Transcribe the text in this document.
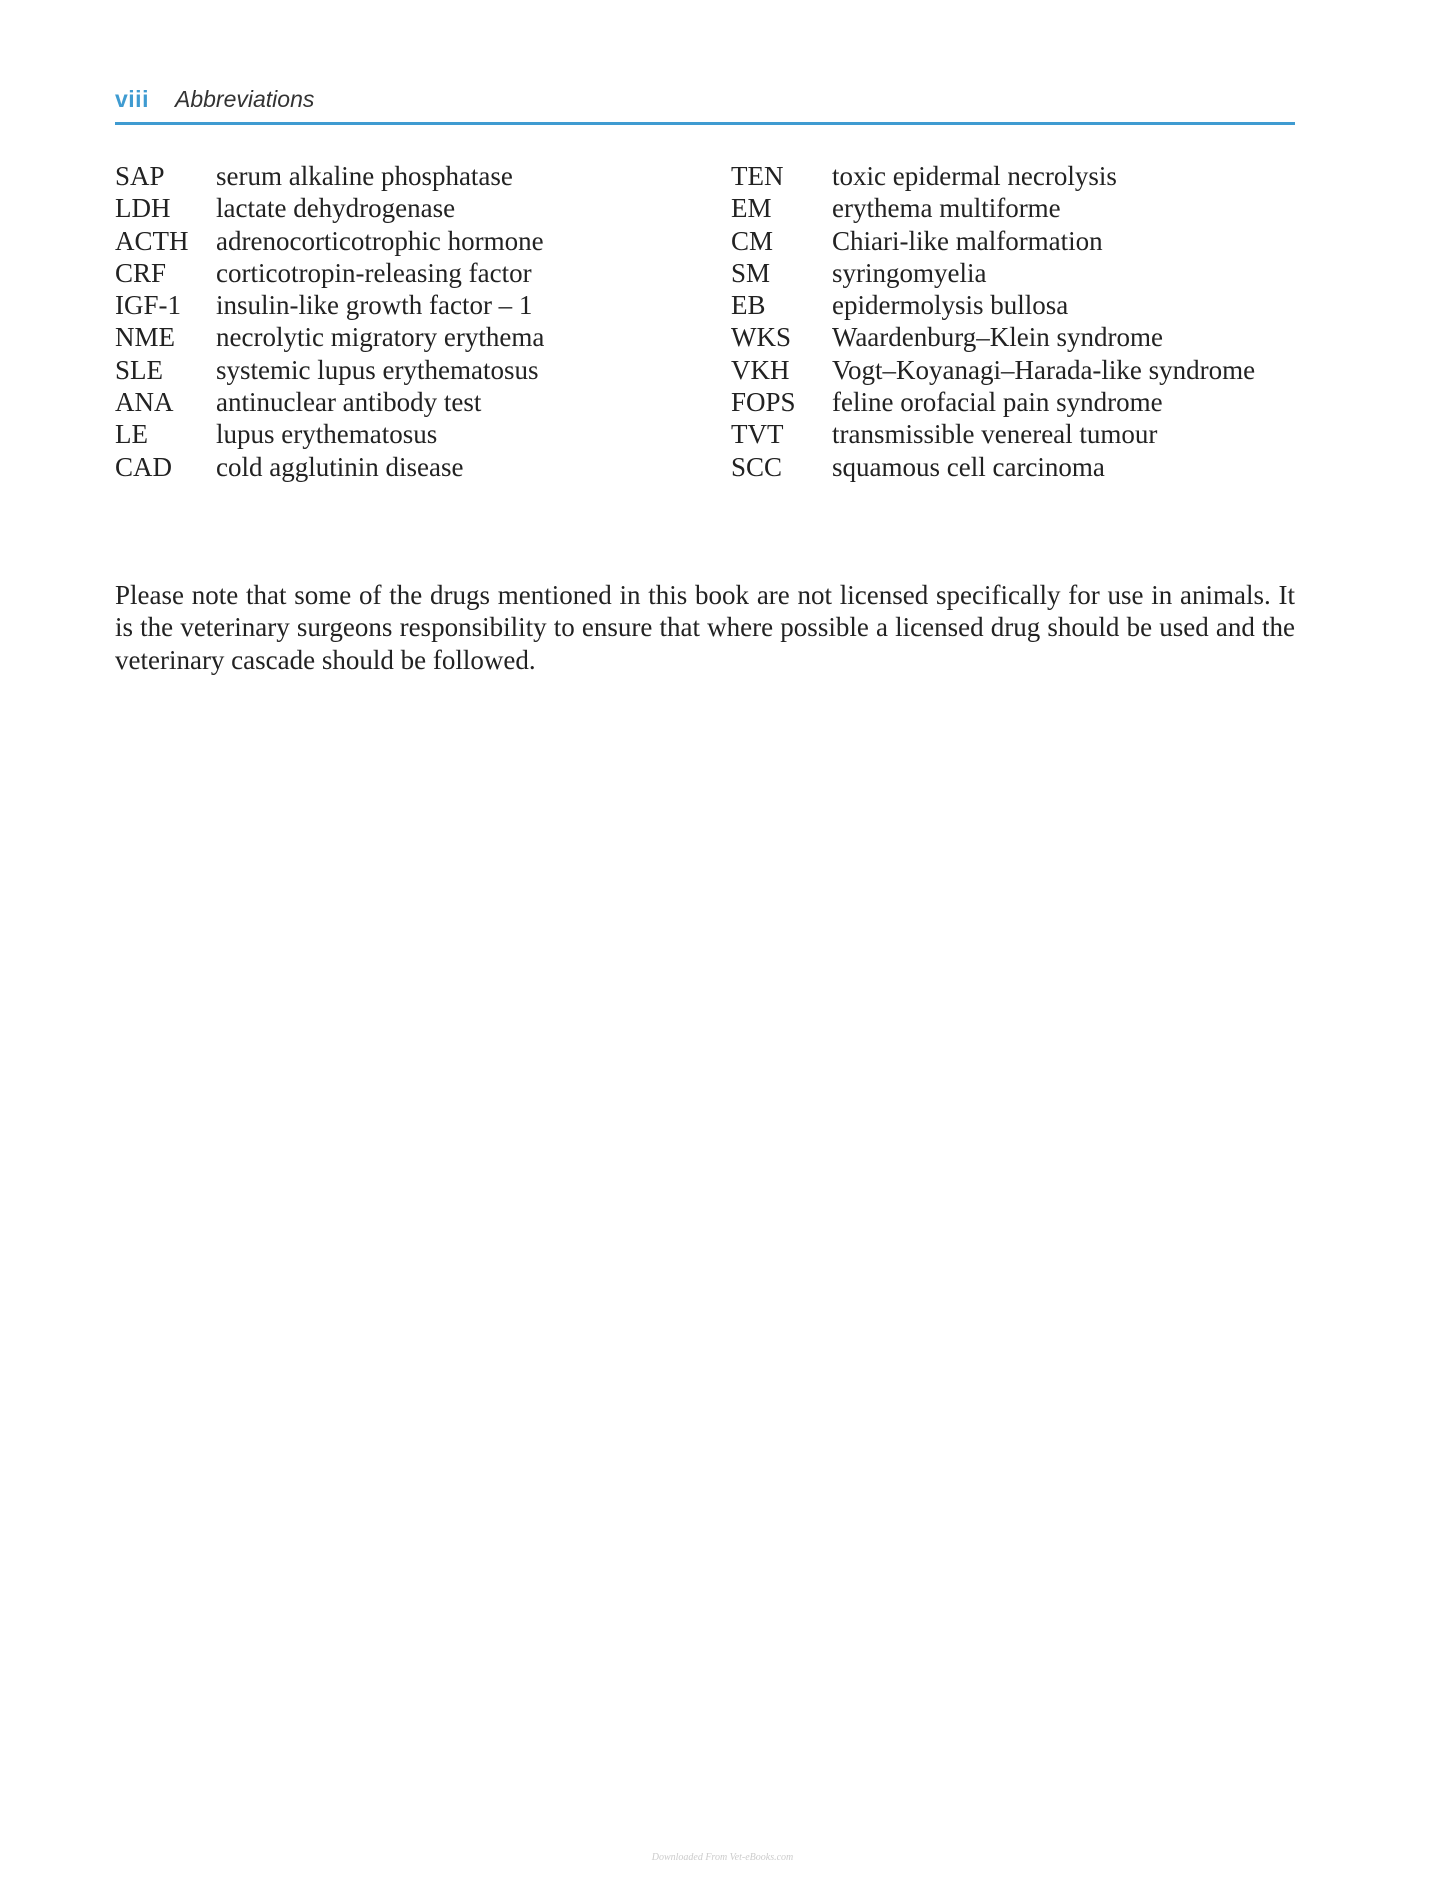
viii Abbreviations
SAP serum alkaline phosphatase
LDH lactate dehydrogenase
ACTH adrenocorticotrophic hormone
CRF corticotropin-releasing factor
IGF-1 insulin-like growth factor – 1
NME necrolytic migratory erythema
SLE systemic lupus erythematosus
ANA antinuclear antibody test
LE	lupus erythematosus
CAD cold agglutinin disease
TEN toxic epidermal necrolysis
EM erythema multiforme
CM Chiari-like malformation
SM syringomyelia
EB epidermolysis bullosa
WKS Waardenburg–Klein syndrome
VKH Vogt–Koyanagi–Harada-like syndrome
FOPS feline orofacial pain syndrome
TVT transmissible venereal tumour
SCC squamous cell carcinoma

Please note that some of the drugs mentioned in this book are not licensed specifically for use in animals. It is the veterinary surgeons responsibility to ensure that where possible a licensed drug should be used and the veterinary cascade should be followed.

Downloaded From Vet-eBooks.com
